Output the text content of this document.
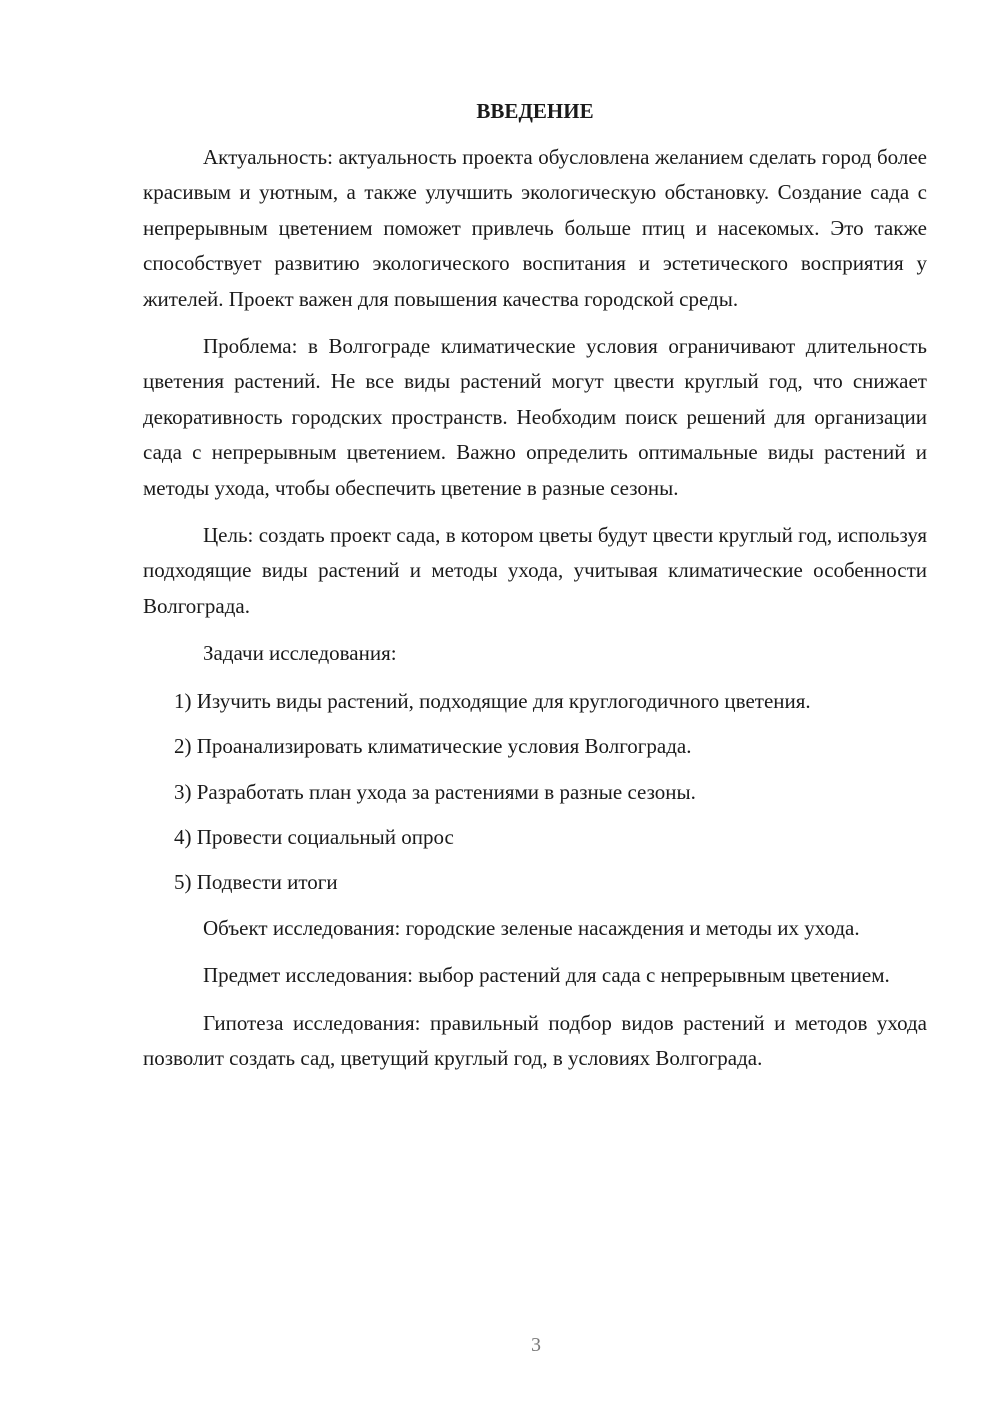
ВВЕДЕНИЕ

Актуальность: актуальность проекта обусловлена желанием сделать город более красивым и уютным, а также улучшить экологическую обстановку. Создание сада с непрерывным цветением поможет привлечь больше птиц и насекомых. Это также способствует развитию экологического воспитания и эстетического восприятия у жителей. Проект важен для повышения качества городской среды.

Проблема: в Волгограде климатические условия ограничивают длительность цветения растений. Не все виды растений могут цвести круглый год, что снижает декоративность городских пространств. Необходим поиск решений для организации сада с непрерывным цветением. Важно определить оптимальные виды растений и методы ухода, чтобы обеспечить цветение в разные сезоны.

Цель: создать проект сада, в котором цветы будут цвести круглый год, используя подходящие виды растений и методы ухода, учитывая климатические особенности Волгограда.

Задачи исследования:

1) Изучить виды растений, подходящие для круглогодичного цветения.

2) Проанализировать климатические условия Волгограда.

3) Разработать план ухода за растениями в разные сезоны.

4) Провести социальный опрос

5) Подвести итоги

Объект исследования: городские зеленые насаждения и методы их ухода.

Предмет исследования: выбор растений для сада с непрерывным цветением.

Гипотеза исследования: правильный подбор видов растений и методов ухода позволит создать сад, цветущий круглый год, в условиях Волгограда.

3
